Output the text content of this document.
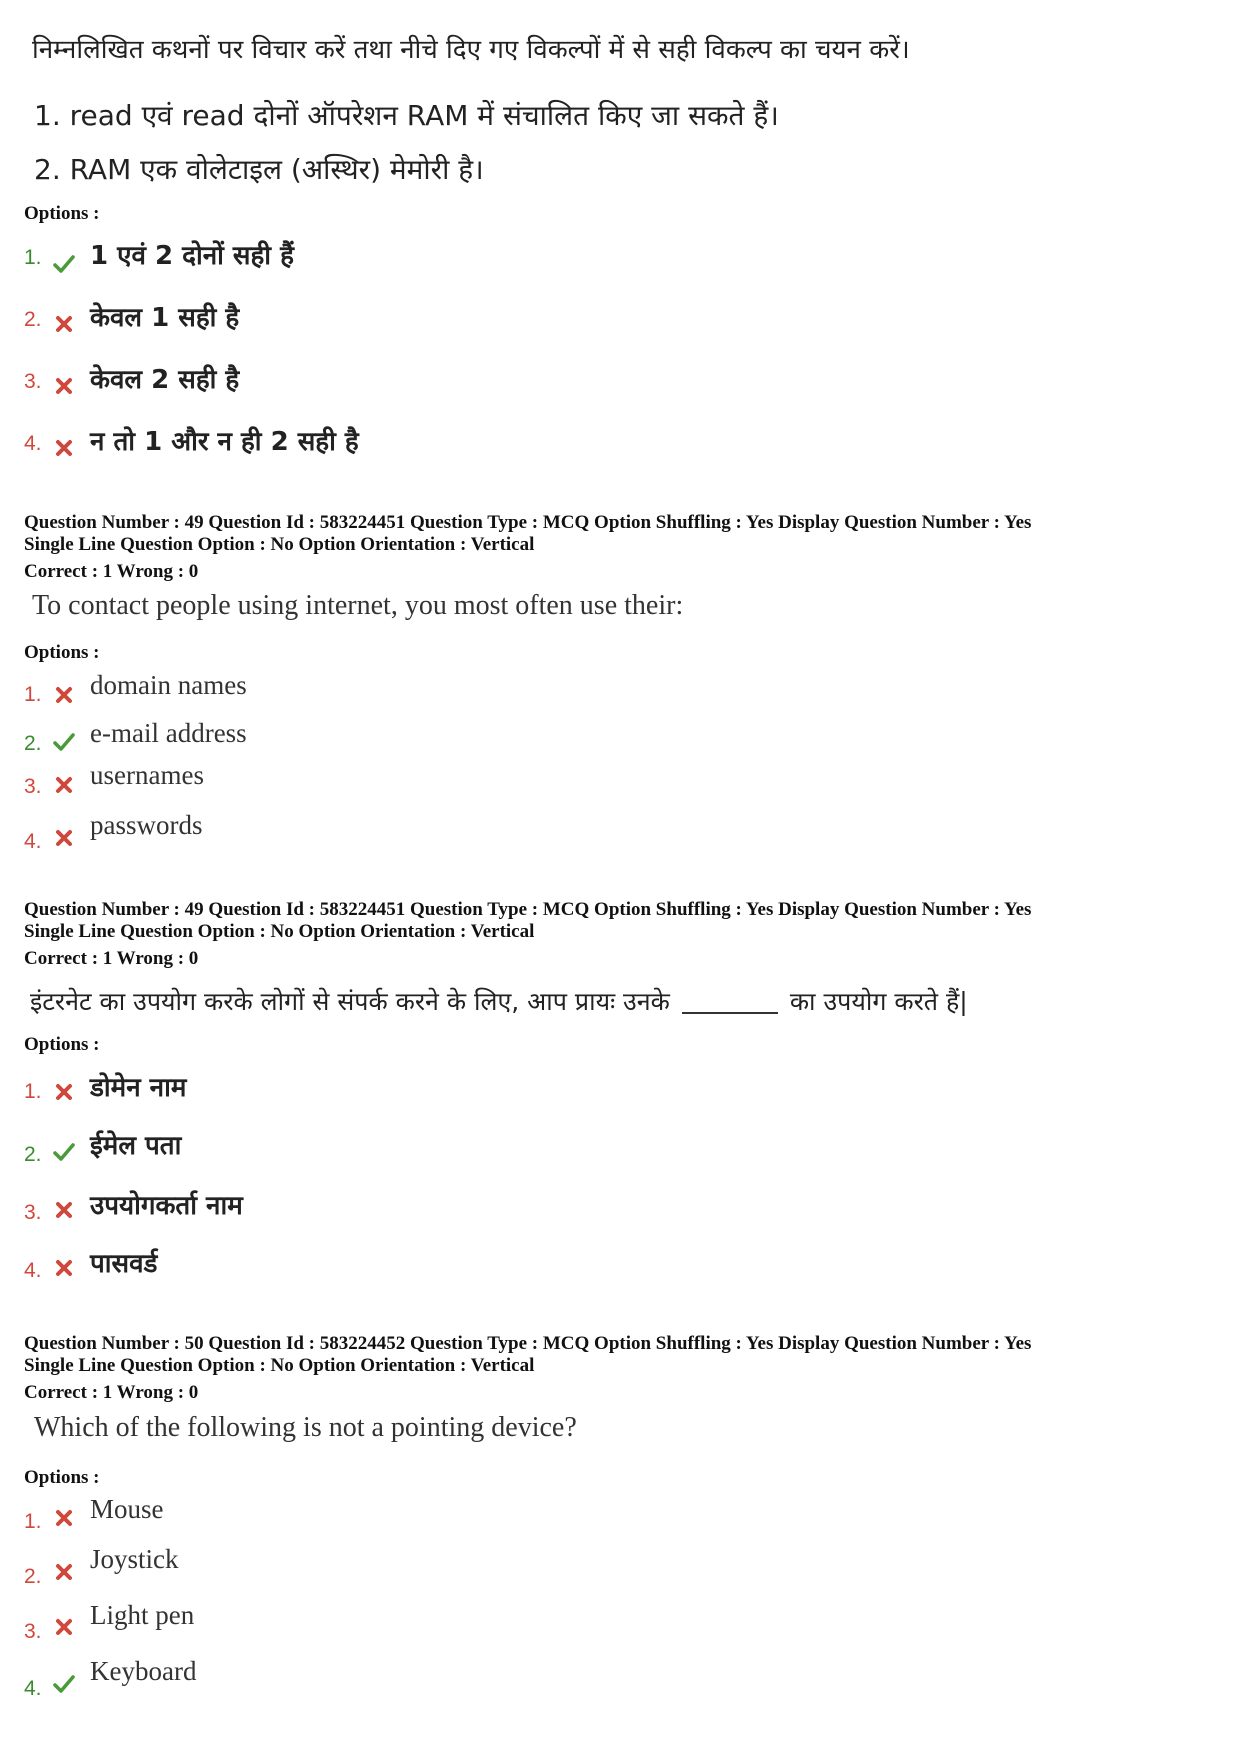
निम्नलिखित कथनों पर विचार करें तथा नीचे दिए गए विकल्पों में से सही विकल्प का चयन करें।
1. read एवं read दोनों ऑपरेशन RAM में संचालित किए जा सकते हैं।
2. RAM एक वोलेटाइल (अस्थिर) मेमोरी है।
Options :
1. 1 एवं 2 दोनों सही हैं
2. केवल 1 सही है
3. केवल 2 सही है
4. न तो 1 और न ही 2 सही है
Question Number : 49 Question Id : 583224451 Question Type : MCQ Option Shuffling : Yes Display Question Number : Yes
Single Line Question Option : No Option Orientation : Vertical
Correct : 1 Wrong : 0
To contact people using internet, you most often use their:
Options :
1. domain names
2. e-mail address
3. usernames
4.
passwords
Question Number : 49 Question Id : 583224451 Question Type : MCQ Option Shuffling : Yes Display Question Number : Yes
Single Line Question Option : No Option Orientation : Vertical
Correct : 1 Wrong : 0
इंटरनेट का उपयोग करके लोगों से संपर्क करने के लिए, आप प्रायः उनके	का उपयोग करते हैं|
Options :
1. डोमेन नाम
2. ईमेल पता
3. उपयोगकर्ता नाम
4. पासवर्ड
Question Number : 50 Question Id : 583224452 Question Type : MCQ Option Shuffling : Yes Display Question Number : Yes
Single Line Question Option : No Option Orientation : Vertical
Correct : 1 Wrong : 0
Which of the following is not a pointing device?
Options :
1. Mouse
2.
Joystick
3.
Light pen
4.
Keyboard
